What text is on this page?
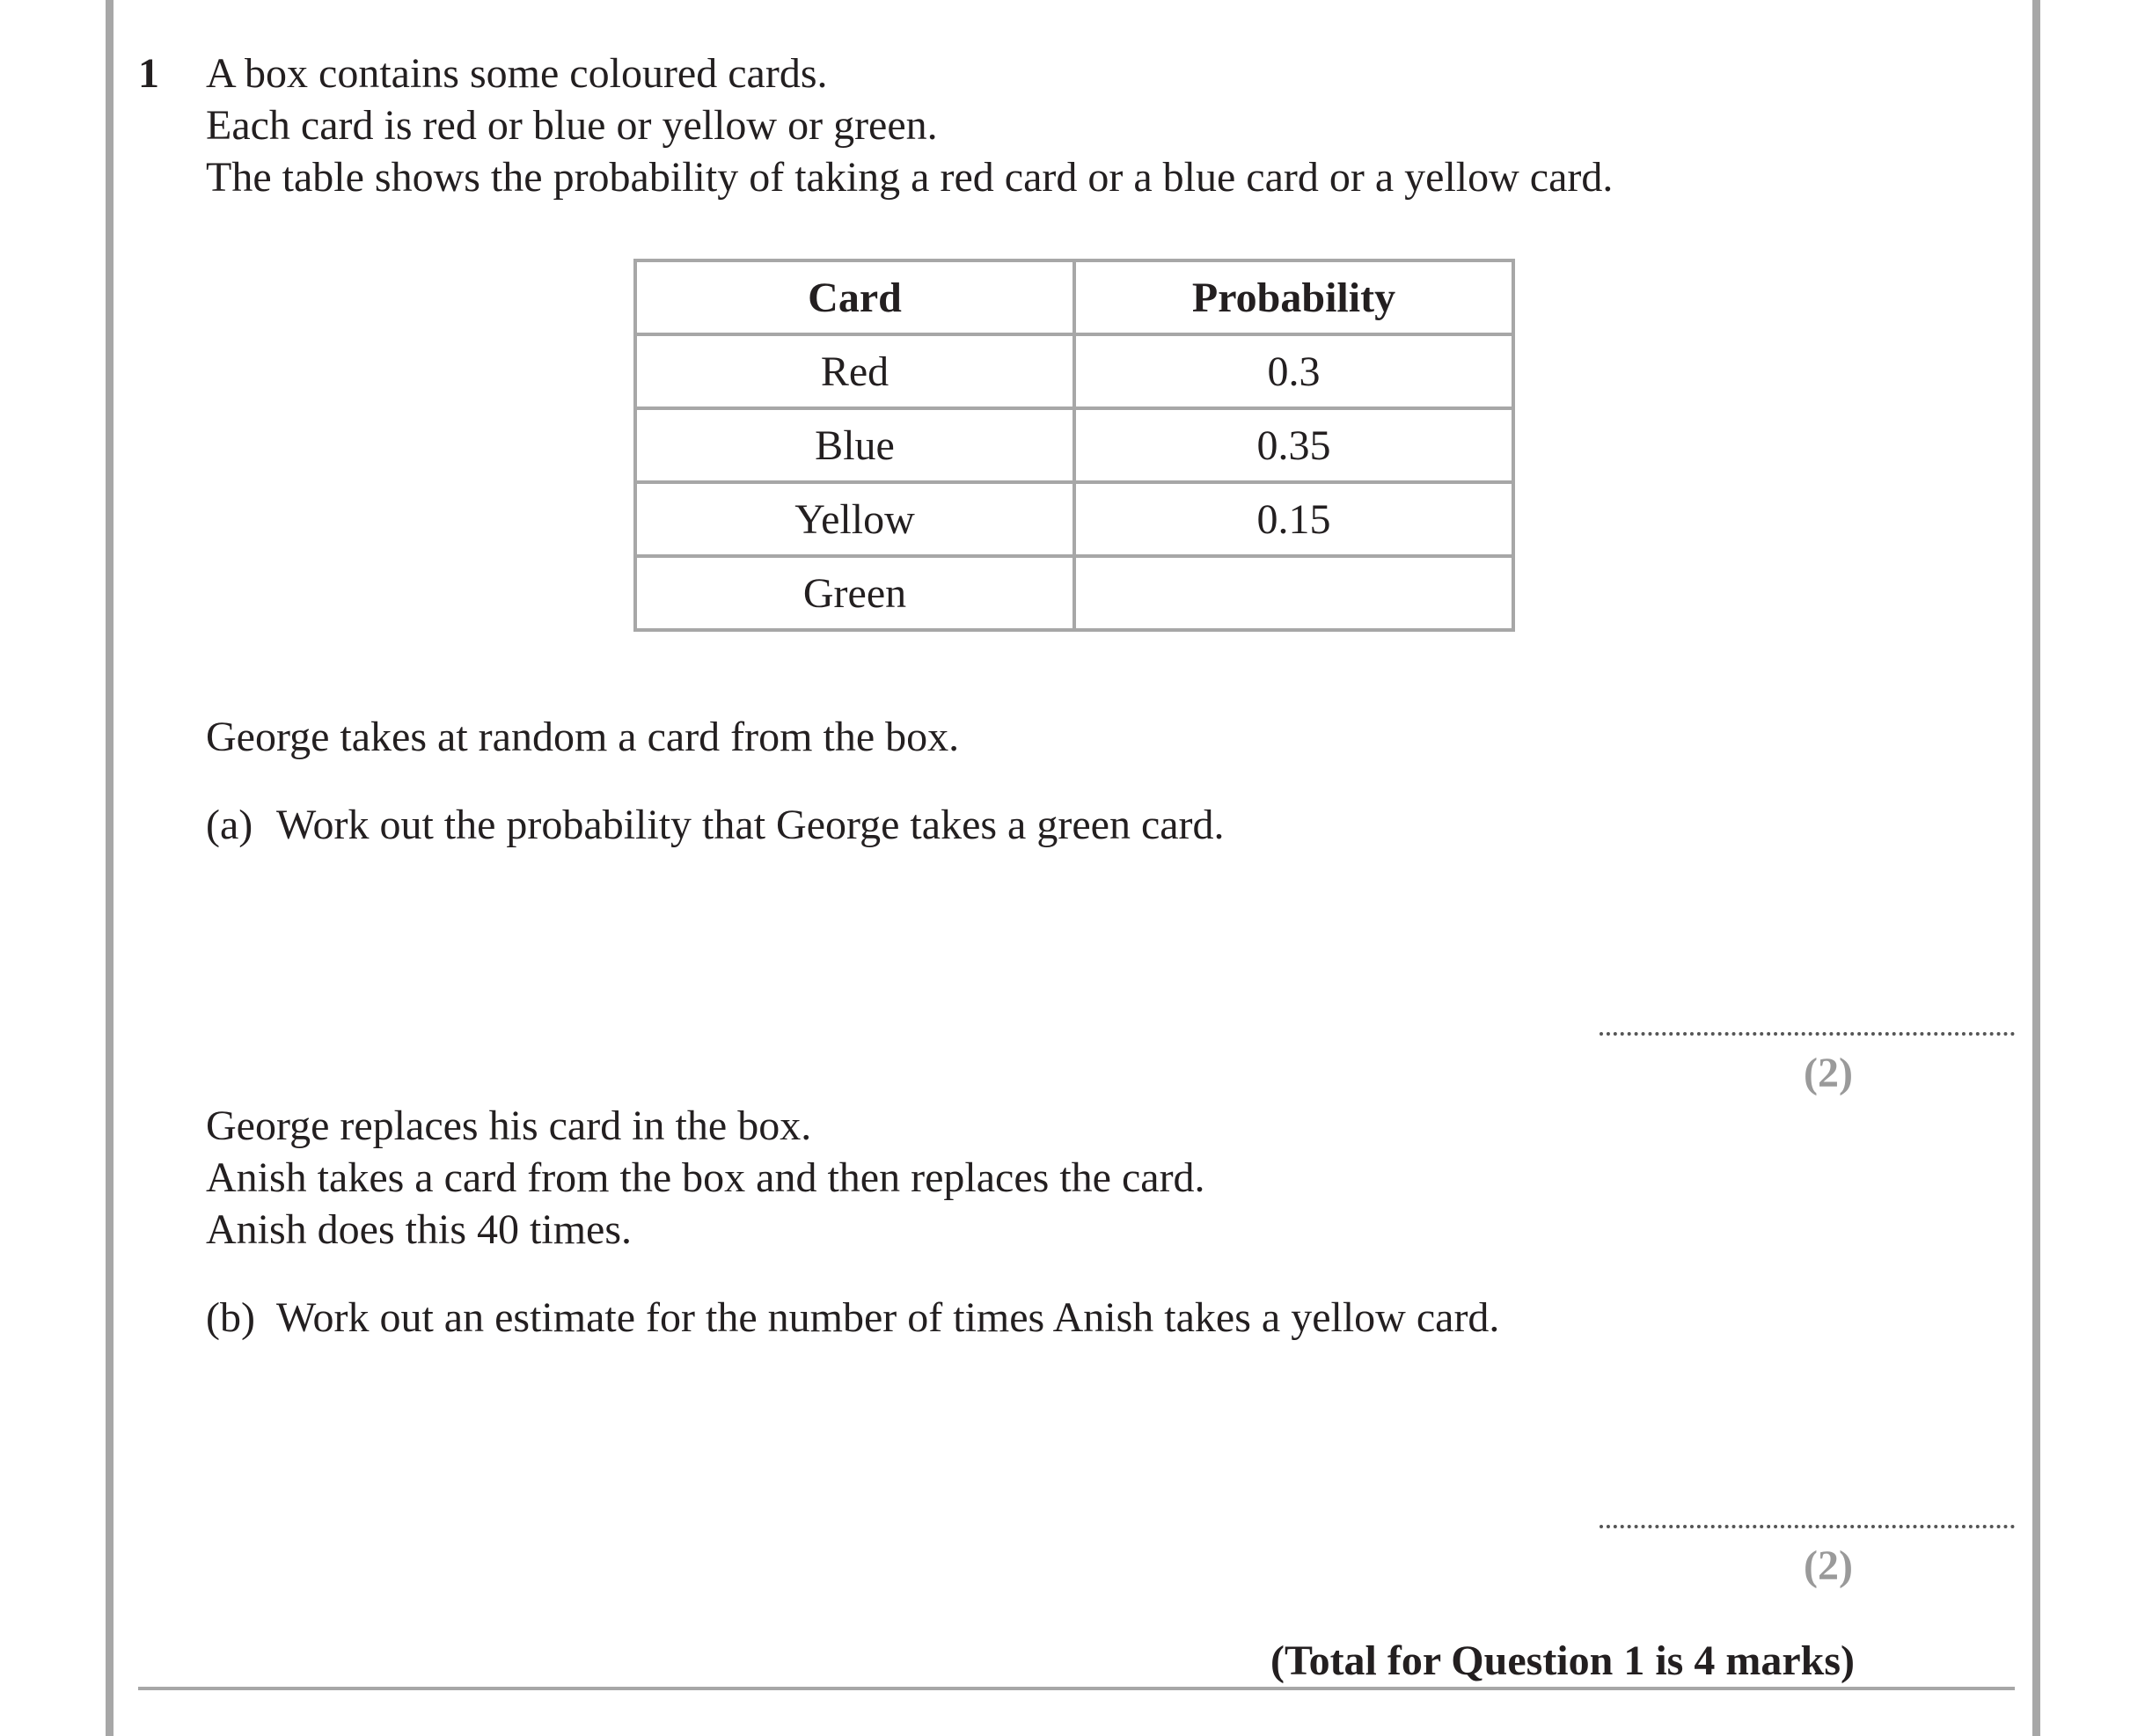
1 A box contains some coloured cards.
Each card is red or blue or yellow or green.
The table shows the probability of taking a red card or a blue card or a yellow card.
Card	Probability
Red	0.3
Blue	0.35
Yellow	0.15
Green	
George takes at random a card from the box.
(a) Work out the probability that George takes a green card.
(2)
George replaces his card in the box.
Anish takes a card from the box and then replaces the card.
Anish does this 40 times.
(b) Work out an estimate for the number of times Anish takes a yellow card.
(2)
(Total for Question 1 is 4 marks)
